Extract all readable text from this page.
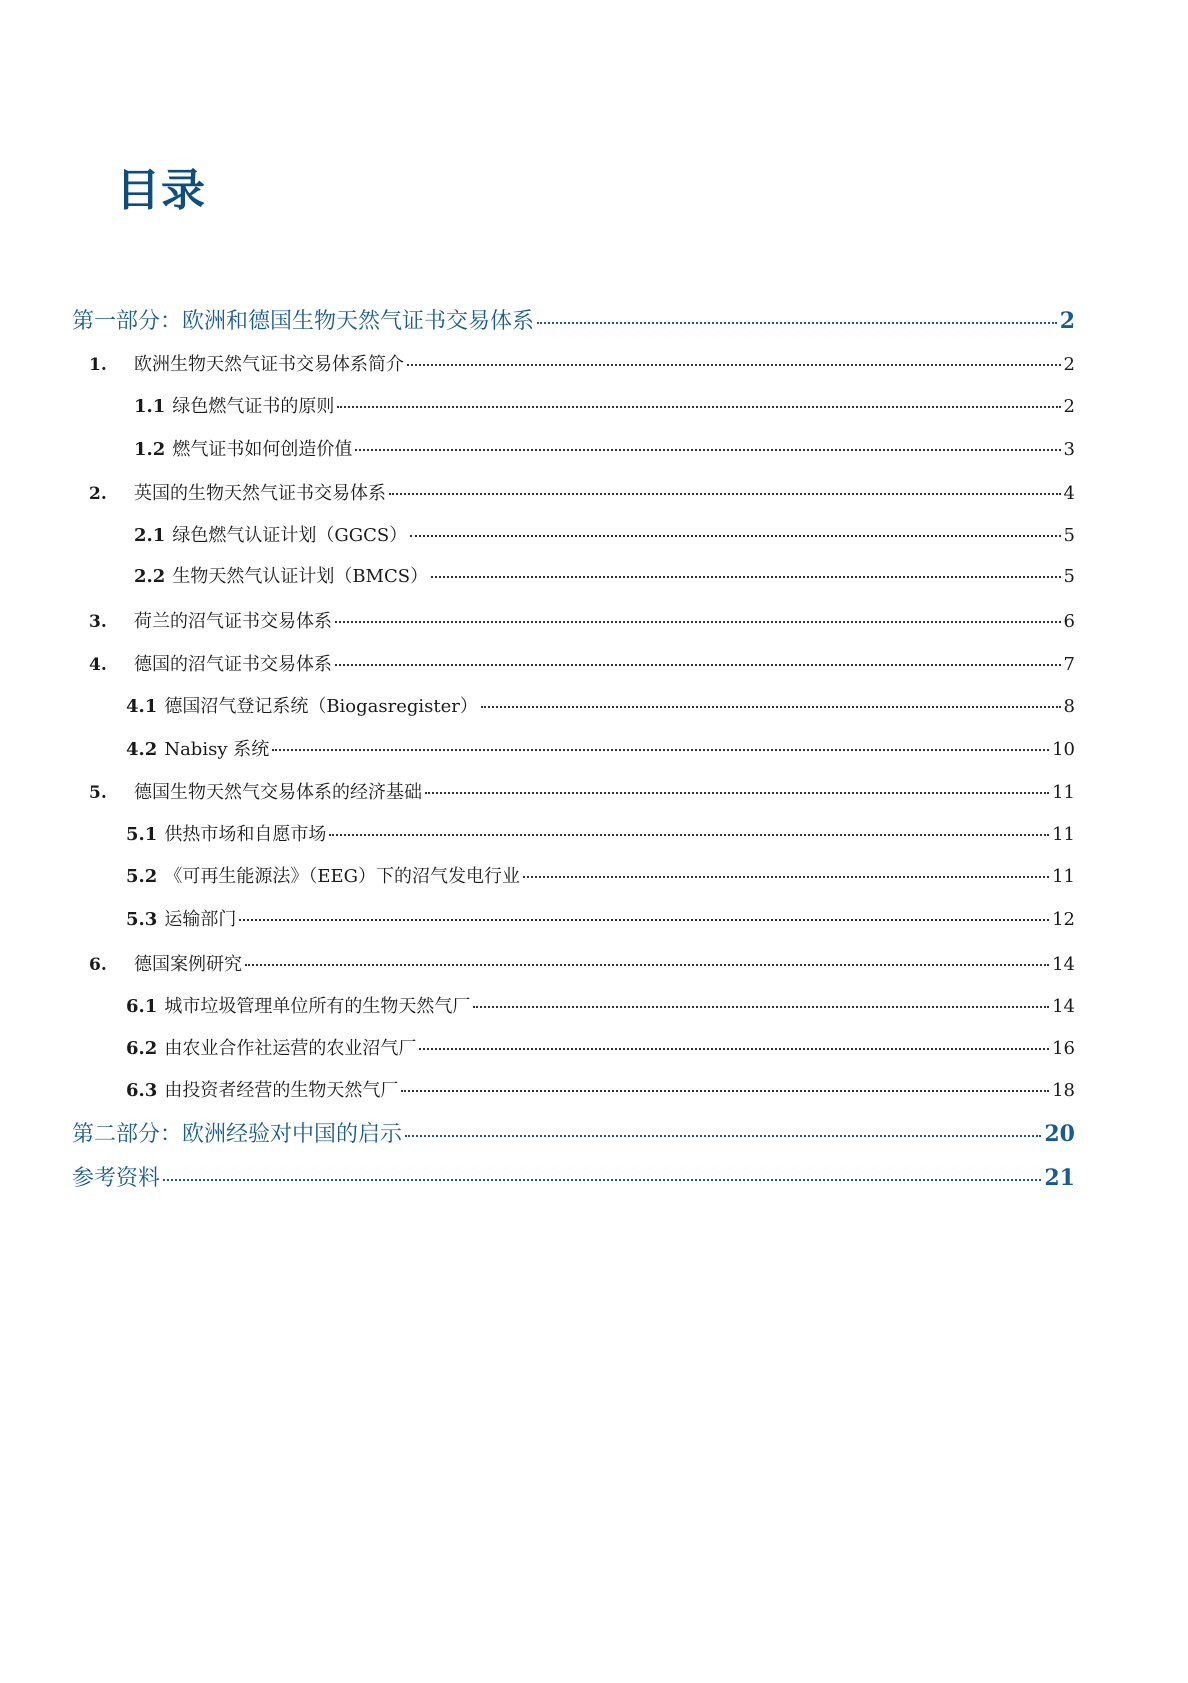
目录
第一部分：欧洲和德国生物天然气证书交易体系	2
1.	欧洲生物天然气证书交易体系简介	2
1.1 绿色燃气证书的原则	2
1.2 燃气证书如何创造价值	3
2.	英国的生物天然气证书交易体系	4
2.1 绿色燃气认证计划（GGCS）	5
2.2 生物天然气认证计划（BMCS）	5
3.	荷兰的沼气证书交易体系	6
4.	德国的沼气证书交易体系	7
4.1 德国沼气登记系统（Biogasregister）	8
4.2 Nabisy 系统	10
5.	德国生物天然气交易体系的经济基础	11
5.1 供热市场和自愿市场	11
5.2 《可再生能源法》（EEG）下的沼气发电行业	11
5.3 运输部门	12
6.	德国案例研究	14
6.1 城市垃圾管理单位所有的生物天然气厂	14
6.2 由农业合作社运营的农业沼气厂	16
6.3 由投资者经营的生物天然气厂	18
第二部分：欧洲经验对中国的启示	20
参考资料	21
